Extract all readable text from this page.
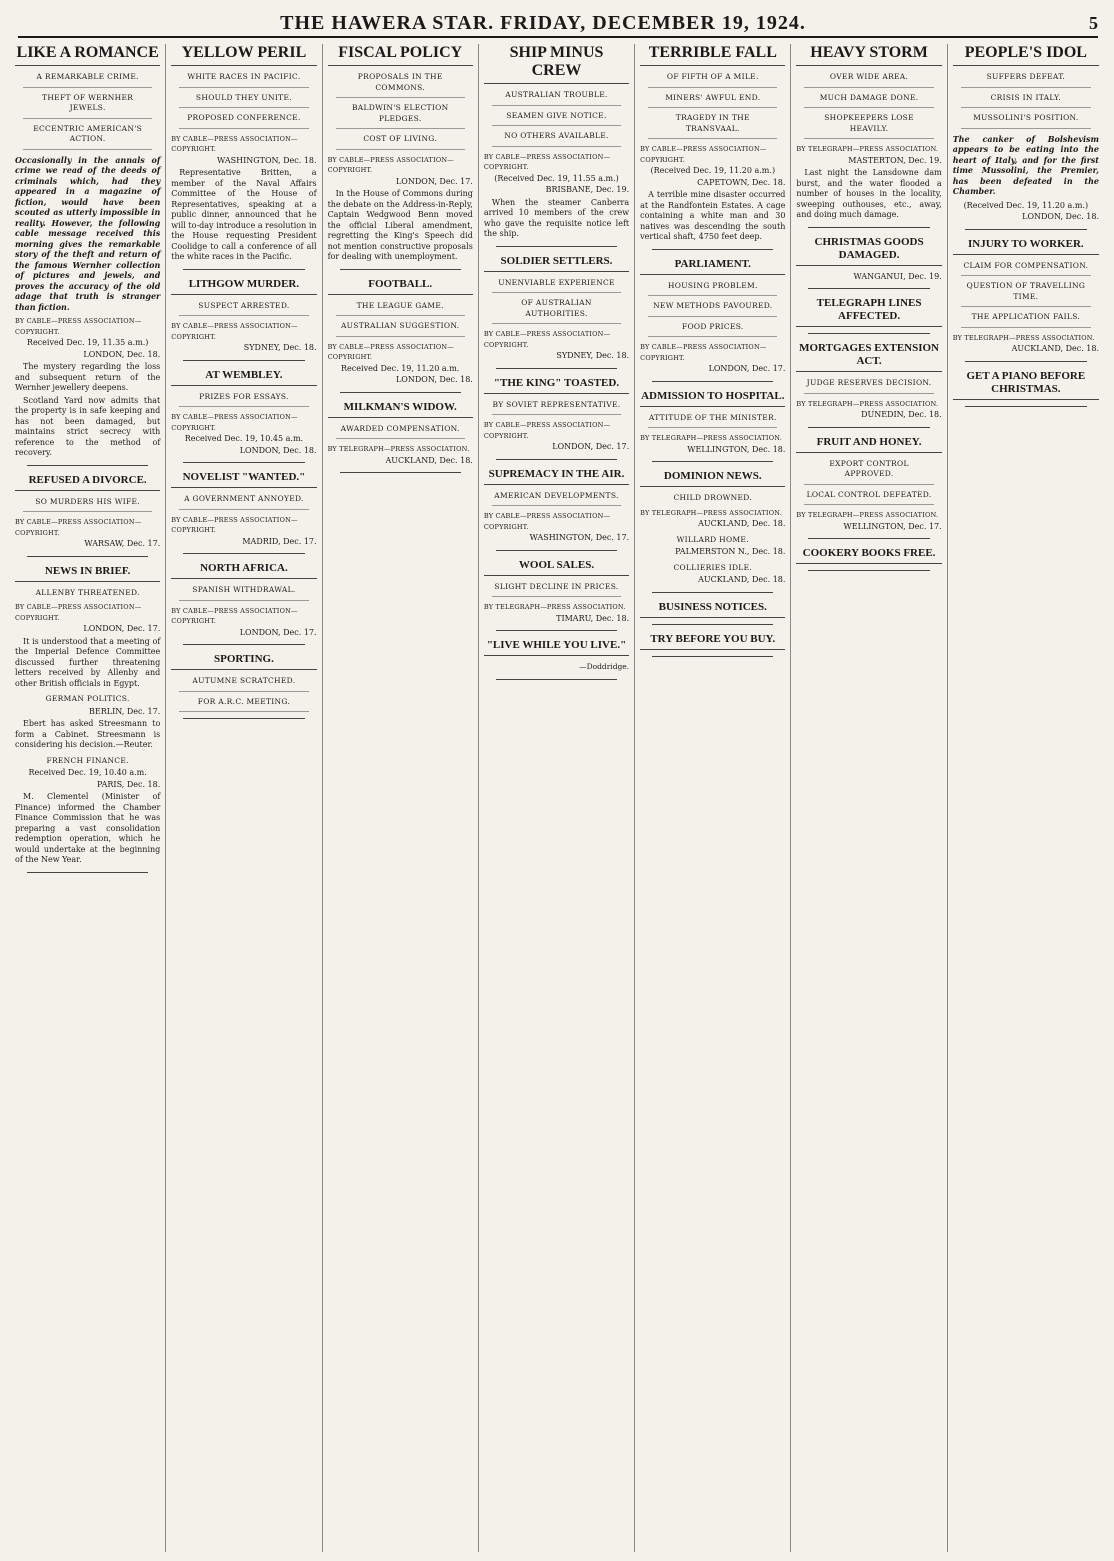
THE HAWERA STAR. FRIDAY, DECEMBER 19, 1924.	5
LIKE A ROMANCE
A REMARKABLE CRIME.
THEFT OF WERNHER JEWELS.
ECCENTRIC AMERICAN'S ACTION.
Occasionally in the annals of crime we read of the deeds of criminals which, had they appeared in a magazine of fiction, would have been scouted as utterly impossible in reality. However, the following cable message received this morning gives the remarkable story of the theft and return of the famous Wernher collection of pictures and jewels, and proves the accuracy of the old adage that truth is stranger than fiction.
BY CABLE—PRESS ASSOCIATION—COPYRIGHT.
Received Dec. 19, 11.35 a.m.)
LONDON, Dec. 18.

The mystery regarding the loss and subsequent return of the Wernher jewellery deepens.

Scotland Yard now admits that the property is in safe keeping and has not been damaged, but maintains strict secrecy with reference to the method of recovery.

REFUSED A DIVORCE.
SO MURDERS HIS WIFE.
BY CABLE—PRESS ASSOCIATION—COPYRIGHT.
WARSAW, Dec. 17.
NEWS IN BRIEF.
ALLENBY THREATENED.
BY CABLE—PRESS ASSOCIATION—COPYRIGHT.
LONDON, Dec. 17.

It is understood that a meeting of the Imperial Defence Committee discussed further threatening letters received by Allenby and other British officials in Egypt.

GERMAN POLITICS.
BERLIN, Dec. 17.

Ebert has asked Streesmann to form a Cabinet. Streesmann is considering his decision.—Reuter.

FRENCH FINANCE.
Received Dec. 19, 10.40 a.m.
PARIS, Dec. 18.

M. Clementel (Minister of Finance) informed the Chamber Finance Commission that he was preparing a vast consolidation redemption operation, which he would undertake at the beginning of the New Year.

YELLOW PERIL
WHITE RACES IN PACIFIC.
SHOULD THEY UNITE.
PROPOSED CONFERENCE.
BY CABLE—PRESS ASSOCIATION—COPYRIGHT.
WASHINGTON, Dec. 18.

Representative Britten, a member of the Naval Affairs Committee of the House of Representatives, speaking at a public dinner, announced that he will to-day introduce a resolution in the House requesting President Coolidge to call a conference of all the white races in the Pacific.

LITHGOW MURDER.
SUSPECT ARRESTED.
BY CABLE—PRESS ASSOCIATION—COPYRIGHT.
SYDNEY, Dec. 18.
AT WEMBLEY.
PRIZES FOR ESSAYS.
BY CABLE—PRESS ASSOCIATION—COPYRIGHT.
Received Dec. 19, 10.45 a.m.
LONDON, Dec. 18.
NOVELIST "WANTED."
A GOVERNMENT ANNOYED.
BY CABLE—PRESS ASSOCIATION—COPYRIGHT.
MADRID, Dec. 17.
NORTH AFRICA.
SPANISH WITHDRAWAL.
BY CABLE—PRESS ASSOCIATION—COPYRIGHT.
LONDON, Dec. 17.
SPORTING.
AUTUMNE SCRATCHED.
FOR A.R.C. MEETING.
FISCAL POLICY
PROPOSALS IN THE COMMONS.
BALDWIN'S ELECTION PLEDGES.
COST OF LIVING.
BY CABLE—PRESS ASSOCIATION—COPYRIGHT.
LONDON, Dec. 17.

In the House of Commons during the debate on the Address-in-Reply, Captain Wedgwood Benn moved the official Liberal amendment, regretting the King's Speech did not mention constructive proposals for dealing with unemployment.

FOOTBALL.
THE LEAGUE GAME.
AUSTRALIAN SUGGESTION.
BY CABLE—PRESS ASSOCIATION—COPYRIGHT.
Received Dec. 19, 11.20 a.m.
LONDON, Dec. 18.
MILKMAN'S WIDOW.
AWARDED COMPENSATION.
BY TELEGRAPH—PRESS ASSOCIATION.
AUCKLAND, Dec. 18.
SHIP MINUS CREW
AUSTRALIAN TROUBLE.
SEAMEN GIVE NOTICE.
NO OTHERS AVAILABLE.
BY CABLE—PRESS ASSOCIATION—COPYRIGHT.
(Received Dec. 19, 11.55 a.m.)
BRISBANE, Dec. 19.

When the steamer Canberra arrived 10 members of the crew who gave the requisite notice left the ship.

SOLDIER SETTLERS.
UNENVIABLE EXPERIENCE
OF AUSTRALIAN AUTHORITIES.
BY CABLE—PRESS ASSOCIATION—COPYRIGHT.
SYDNEY, Dec. 18.
"THE KING" TOASTED.
BY SOVIET REPRESENTATIVE.
BY CABLE—PRESS ASSOCIATION—COPYRIGHT.
LONDON, Dec. 17.
SUPREMACY IN THE AIR.
AMERICAN DEVELOPMENTS.
BY CABLE—PRESS ASSOCIATION—COPYRIGHT.
WASHINGTON, Dec. 17.
WOOL SALES.
SLIGHT DECLINE IN PRICES.
BY TELEGRAPH—PRESS ASSOCIATION.
TIMARU, Dec. 18.
"LIVE WHILE YOU LIVE."
—Doddridge.
TERRIBLE FALL
OF FIFTH OF A MILE.
MINERS' AWFUL END.
TRAGEDY IN THE TRANSVAAL.
BY CABLE—PRESS ASSOCIATION—COPYRIGHT.
(Received Dec. 19, 11.20 a.m.)
CAPETOWN, Dec. 18.

A terrible mine disaster occurred at the Randfontein Estates. A cage containing a white man and 30 natives was descending the south vertical shaft, 4750 feet deep.

PARLIAMENT.
HOUSING PROBLEM.
NEW METHODS FAVOURED.
FOOD PRICES.
BY CABLE—PRESS ASSOCIATION—COPYRIGHT.
LONDON, Dec. 17.
ADMISSION TO HOSPITAL.
ATTITUDE OF THE MINISTER.
BY TELEGRAPH—PRESS ASSOCIATION.
WELLINGTON, Dec. 18.
DOMINION NEWS.
CHILD DROWNED.
BY TELEGRAPH—PRESS ASSOCIATION.
AUCKLAND, Dec. 18.
WILLARD HOME.
PALMERSTON N., Dec. 18.
COLLIERIES IDLE.
AUCKLAND, Dec. 18.
BUSINESS NOTICES.
TRY BEFORE YOU BUY.
HEAVY STORM
OVER WIDE AREA.
MUCH DAMAGE DONE.
SHOPKEEPERS LOSE HEAVILY.
BY TELEGRAPH—PRESS ASSOCIATION.
MASTERTON, Dec. 19.

Last night the Lansdowne dam burst, and the water flooded a number of houses in the locality, sweeping outhouses, etc., away, and doing much damage.

CHRISTMAS GOODS DAMAGED.
WANGANUI, Dec. 19.
TELEGRAPH LINES AFFECTED.
MORTGAGES EXTENSION ACT.
JUDGE RESERVES DECISION.
BY TELEGRAPH—PRESS ASSOCIATION.
DUNEDIN, Dec. 18.
FRUIT AND HONEY.
EXPORT CONTROL APPROVED.
LOCAL CONTROL DEFEATED.
BY TELEGRAPH—PRESS ASSOCIATION.
WELLINGTON, Dec. 17.
COOKERY BOOKS FREE.
PEOPLE'S IDOL
SUFFERS DEFEAT.
CRISIS IN ITALY.
MUSSOLINI'S POSITION.
The canker of Bolshevism appears to be eating into the heart of Italy, and for the first time Mussolini, the Premier, has been defeated in the Chamber.
(Received Dec. 19, 11.20 a.m.)
LONDON, Dec. 18.
INJURY TO WORKER.
CLAIM FOR COMPENSATION.
QUESTION OF TRAVELLING TIME.
THE APPLICATION FAILS.
BY TELEGRAPH—PRESS ASSOCIATION.
AUCKLAND, Dec. 18.
GET A PIANO BEFORE CHRISTMAS.
